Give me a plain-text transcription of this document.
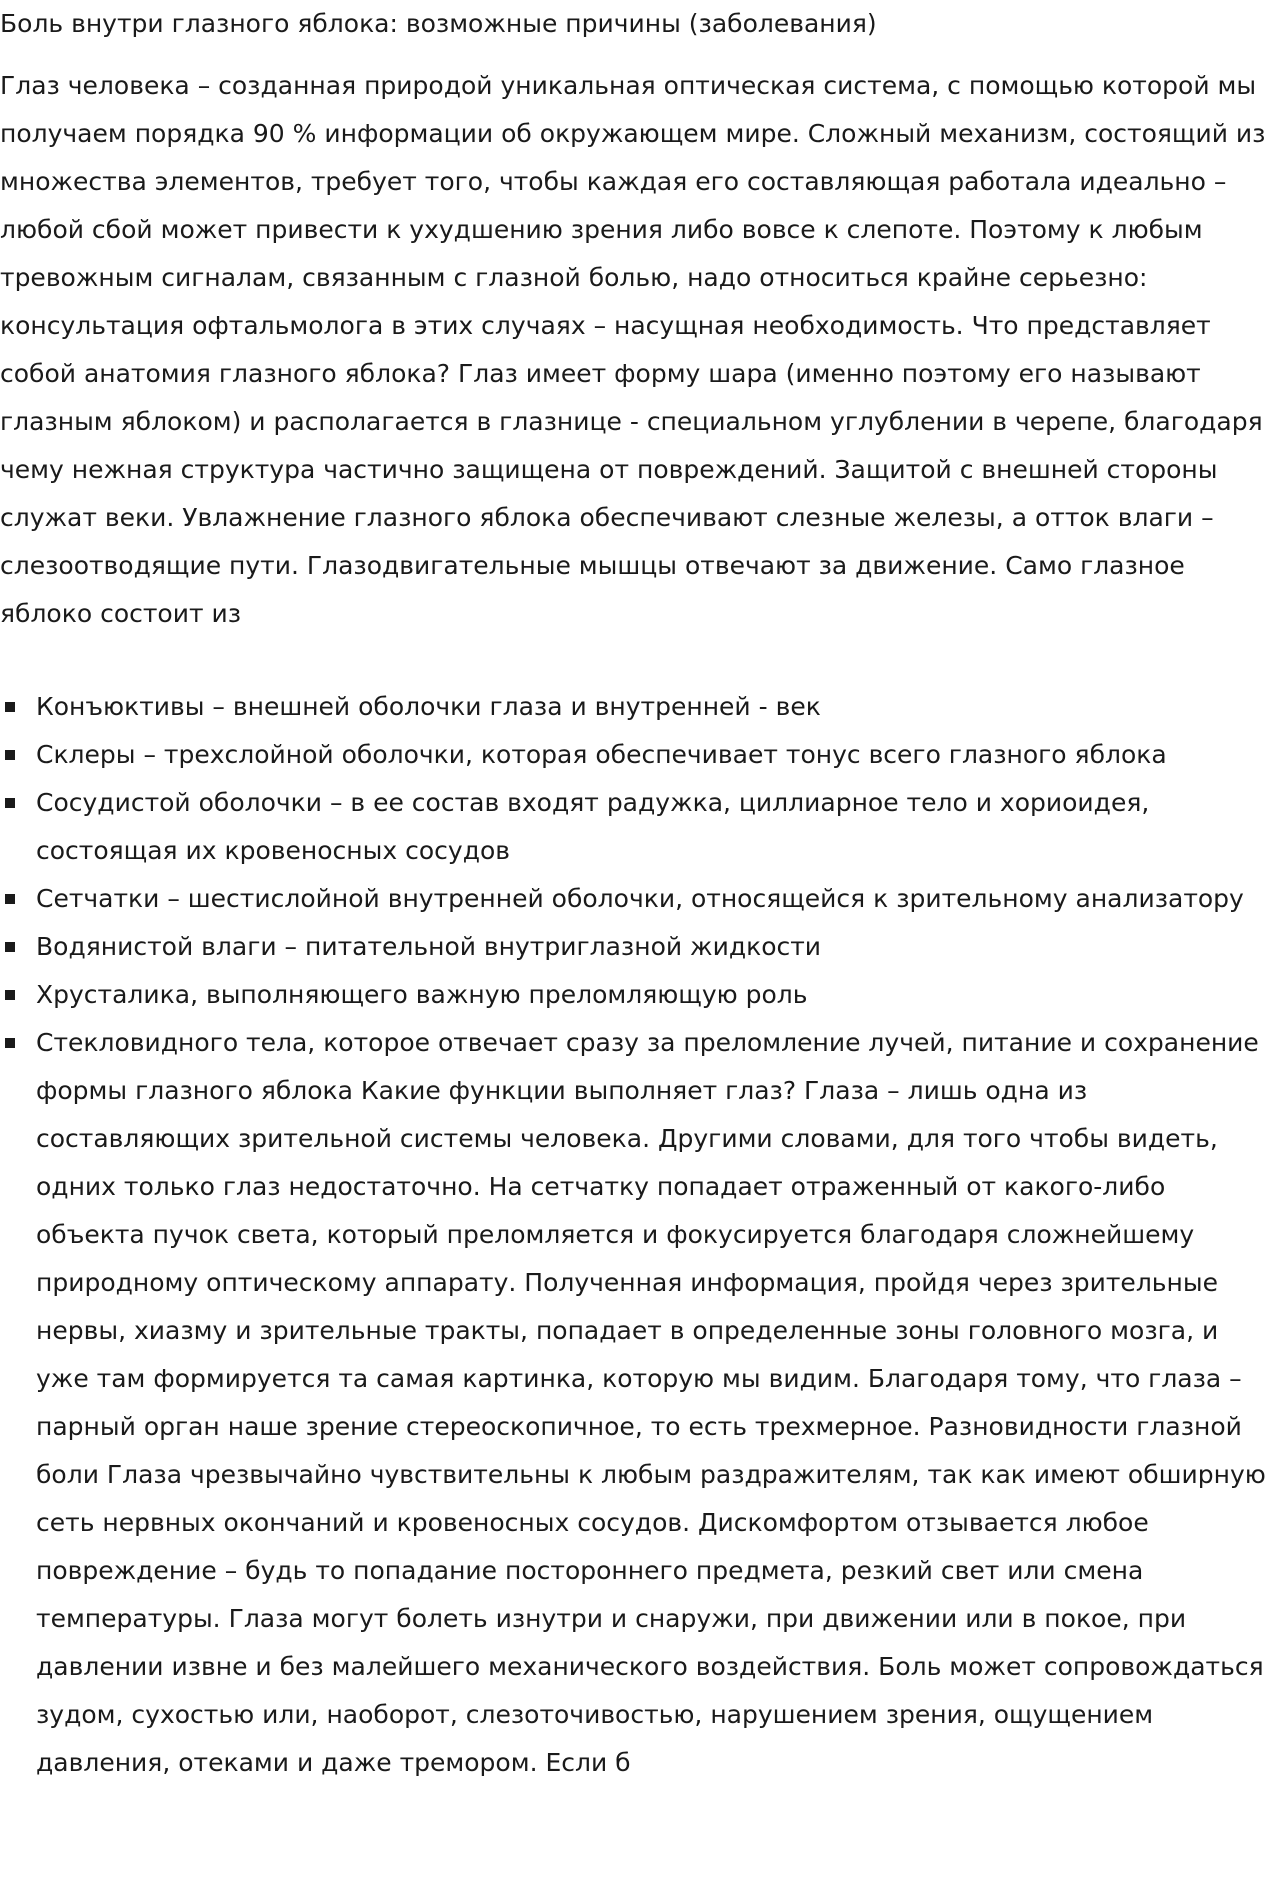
Боль внутри глазного яблока: возможные причины (заболевания)

Глаз человека – созданная природой уникальная оптическая система, с помощью которой мы получаем порядка 90 % информации об окружающем мире. Сложный механизм, состоящий из множества элементов, требует того, чтобы каждая его составляющая работала идеально – любой сбой может привести к ухудшению зрения либо вовсе к слепоте. Поэтому к любым тревожным сигналам, связанным с глазной болью, надо относиться крайне серьезно: консультация офтальмолога в этих случаях – насущная необходимость. Что представляет собой анатомия глазного яблока? Глаз имеет форму шара (именно поэтому его называют глазным яблоком) и располагается в глазнице - специальном углублении в черепе, благодаря чему нежная структура частично защищена от повреждений. Защитой с внешней стороны служат веки. Увлажнение глазного яблока обеспечивают слезные железы, а отток влаги – слезоотводящие пути. Глазодвигательные мышцы отвечают за движение. Само глазное яблоко состоит из

Конъюктивы – внешней оболочки глаза и внутренней - век
Склеры – трехслойной оболочки, которая обеспечивает тонус всего глазного яблока
Сосудистой оболочки – в ее состав входят радужка, циллиарное тело и хориоидея, состоящая их кровеносных сосудов
Сетчатки – шестислойной внутренней оболочки, относящейся к зрительному анализатору
Водянистой влаги – питательной внутриглазной жидкости
Хрусталика, выполняющего важную преломляющую роль
Стекловидного тела, которое отвечает сразу за преломление лучей, питание и сохранение формы глазного яблока Какие функции выполняет глаз? Глаза – лишь одна из составляющих зрительной системы человека. Другими словами, для того чтобы видеть, одних только глаз недостаточно. На сетчатку попадает отраженный от какого-либо объекта пучок света, который преломляется и фокусируется благодаря сложнейшему природному оптическому аппарату. Полученная информация, пройдя через зрительные нервы, хиазму и зрительные тракты, попадает в определенные зоны головного мозга, и уже там формируется та самая картинка, которую мы видим. Благодаря тому, что глаза – парный орган наше зрение стереоскопичное, то есть трехмерное. Разновидности глазной боли Глаза чрезвычайно чувствительны к любым раздражителям, так как имеют обширную сеть нервных окончаний и кровеносных сосудов. Дискомфортом отзывается любое повреждение – будь то попадание постороннего предмета, резкий свет или смена температуры. Глаза могут болеть изнутри и снаружи, при движении или в покое, при давлении извне и без малейшего механического воздействия. Боль может сопровождаться зудом, сухостью или, наоборот, слезоточивостью, нарушением зрения, ощущением давления, отеками и даже тремором. Если б
